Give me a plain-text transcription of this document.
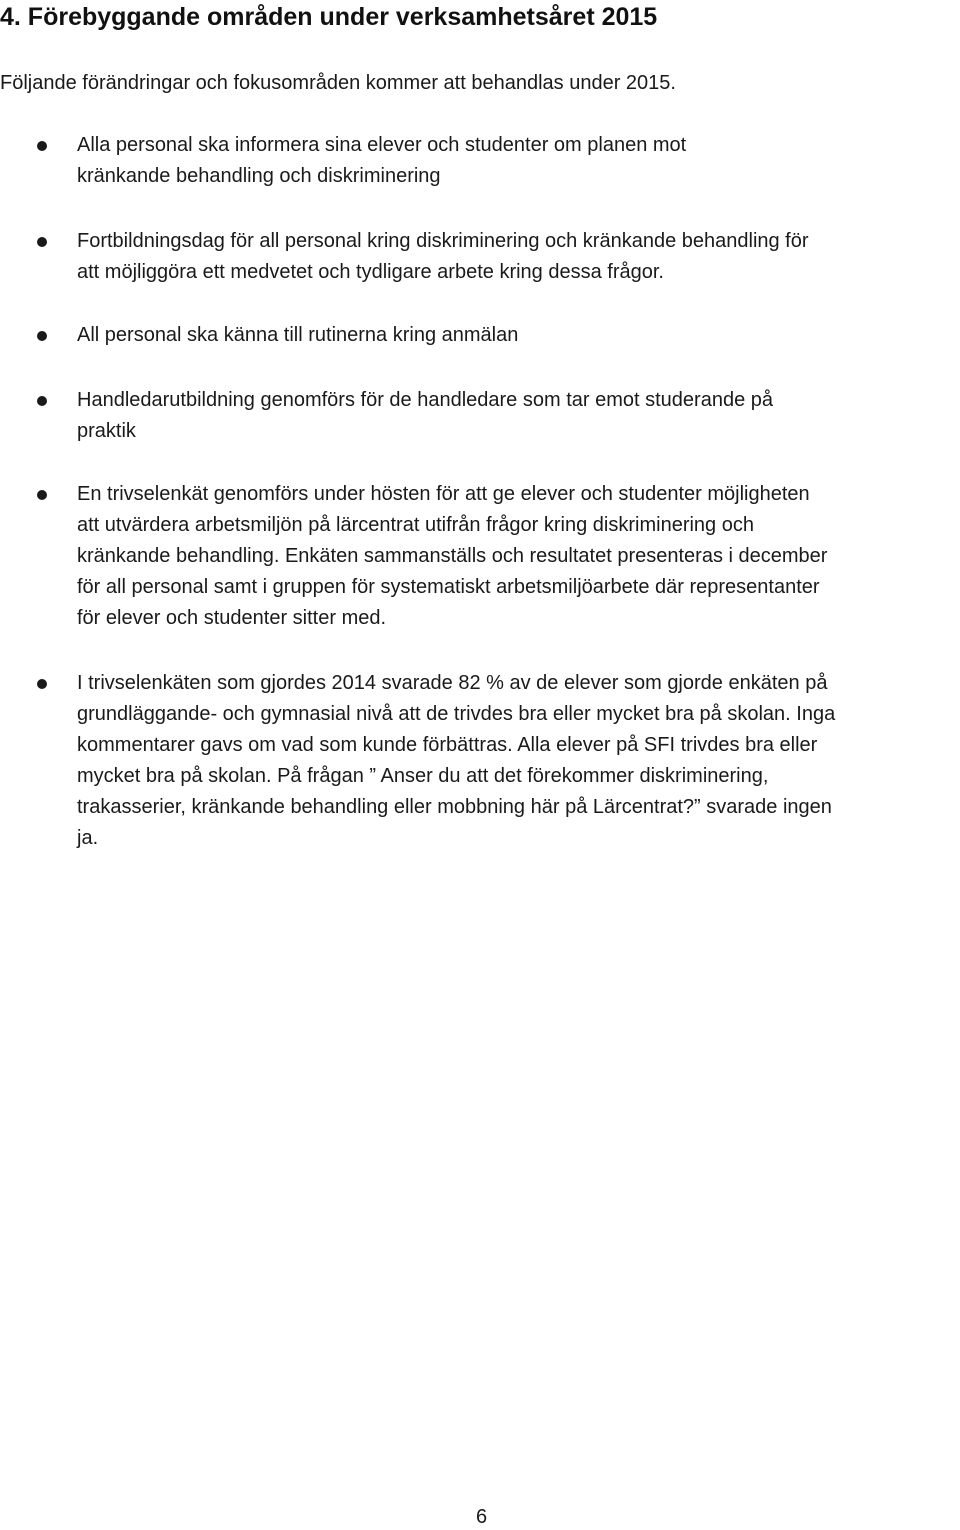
4. Förebyggande områden under verksamhetsåret 2015

Följande förändringar och fokusområden kommer att behandlas under 2015.

Alla personal ska informera sina elever och studenter om planen mot
kränkande behandling och diskriminering

Fortbildningsdag för all personal kring diskriminering och kränkande behandling för
att möjliggöra ett medvetet och tydligare arbete kring dessa frågor.

All personal ska känna till rutinerna kring anmälan

Handledarutbildning genomförs för de handledare som tar emot studerande på
praktik

En trivselenkät genomförs under hösten för att ge elever och studenter möjligheten
att utvärdera arbetsmiljön på lärcentrat utifrån frågor kring diskriminering och
kränkande behandling. Enkäten sammanställs och resultatet presenteras i december
för all personal samt i gruppen för systematiskt arbetsmiljöarbete där representanter
för elever och studenter sitter med.

I trivselenkäten som gjordes 2014 svarade 82 % av de elever som gjorde enkäten på
grundläggande- och gymnasial nivå att de trivdes bra eller mycket bra på skolan. Inga
kommentarer gavs om vad som kunde förbättras. Alla elever på SFI trivdes bra eller
mycket bra på skolan. På frågan ” Anser du att det förekommer diskriminering,
trakasserier, kränkande behandling eller mobbning här på Lärcentrat?” svarade ingen
ja.

6
